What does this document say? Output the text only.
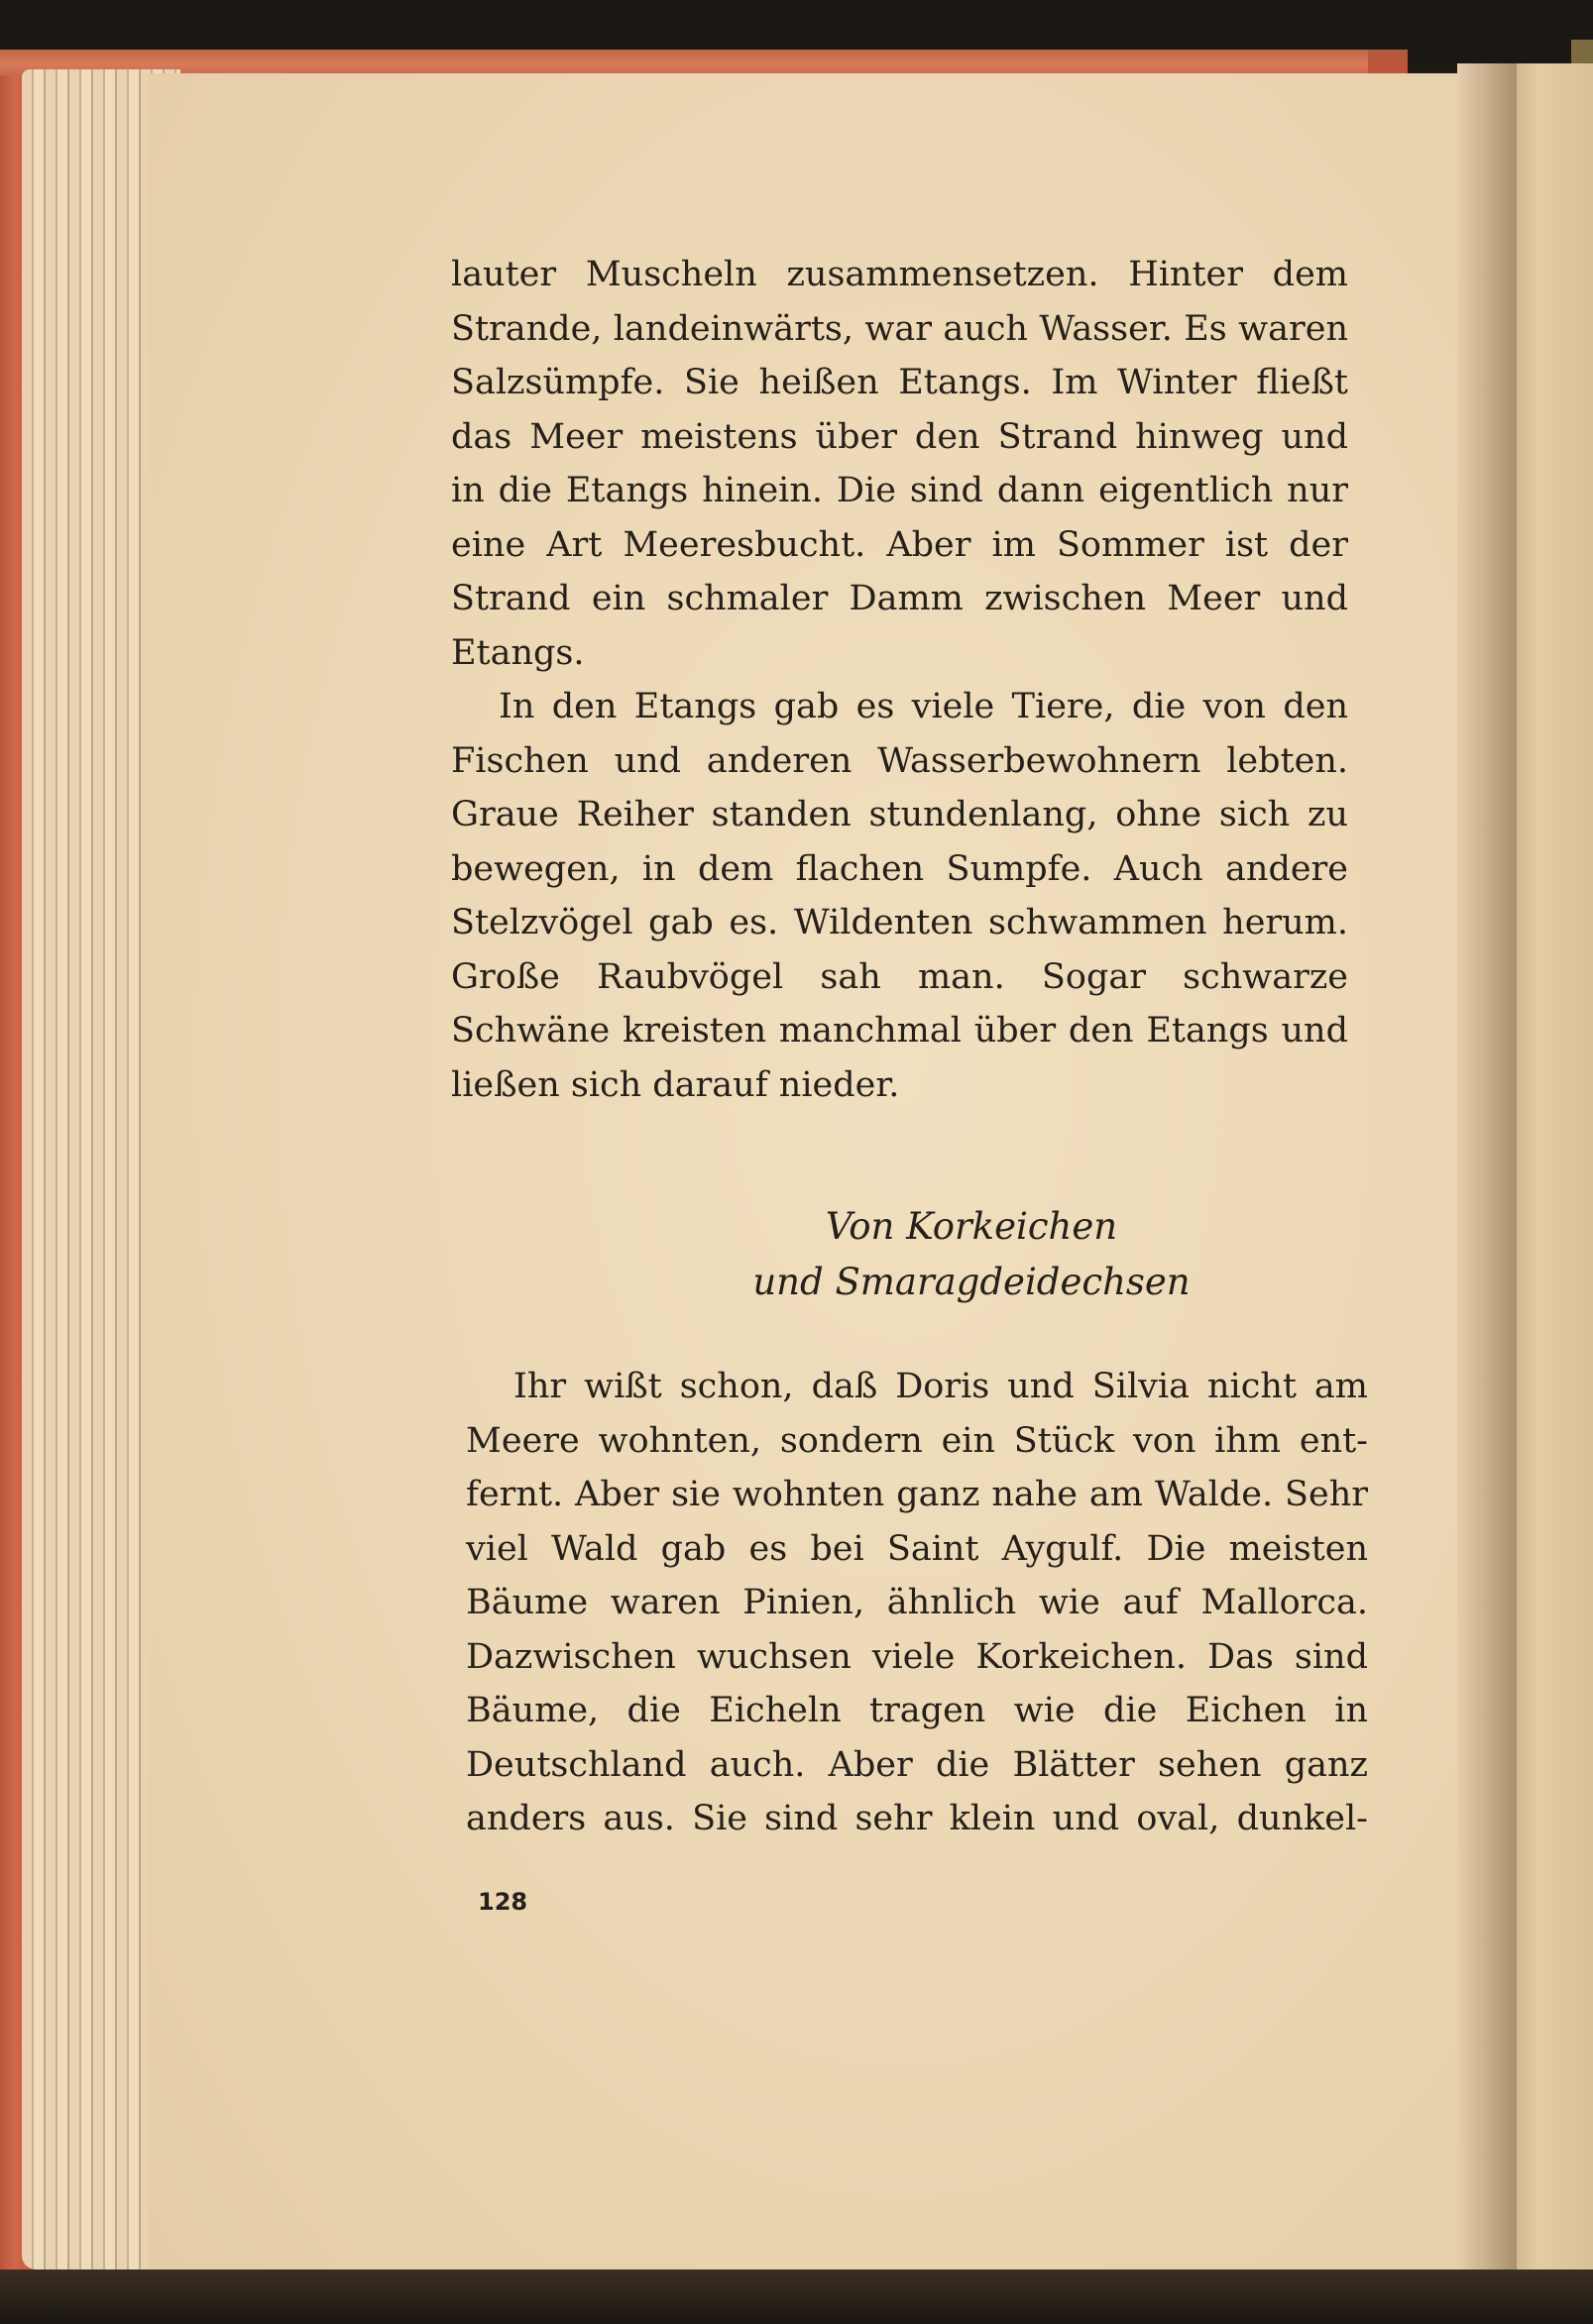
lauter Muscheln zusammensetzen. Hinter dem
Strande, landeinwärts, war auch Wasser. Es waren
Salzsümpfe. Sie heißen Etangs. Im Winter fließt
das Meer meistens über den Strand hinweg und
in die Etangs hinein. Die sind dann eigentlich nur
eine Art Meeresbucht. Aber im Sommer ist der
Strand ein schmaler Damm zwischen Meer und
Etangs.
In den Etangs gab es viele Tiere, die von den
Fischen und anderen Wasserbewohnern lebten.
Graue Reiher standen stundenlang, ohne sich zu
bewegen, in dem flachen Sumpfe. Auch andere
Stelzvögel gab es. Wildenten schwammen herum.
Große Raubvögel sah man. Sogar schwarze
Schwäne kreisten manchmal über den Etangs und
ließen sich darauf nieder.
Von Korkeichen
und Smaragdeidechsen
Ihr wißt schon, daß Doris und Silvia nicht am
Meere wohnten, sondern ein Stück von ihm ent-
fernt. Aber sie wohnten ganz nahe am Walde. Sehr
viel Wald gab es bei Saint Aygulf. Die meisten
Bäume waren Pinien, ähnlich wie auf Mallorca.
Dazwischen wuchsen viele Korkeichen. Das sind
Bäume, die Eicheln tragen wie die Eichen in
Deutschland auch. Aber die Blätter sehen ganz
anders aus. Sie sind sehr klein und oval, dunkel-
128
